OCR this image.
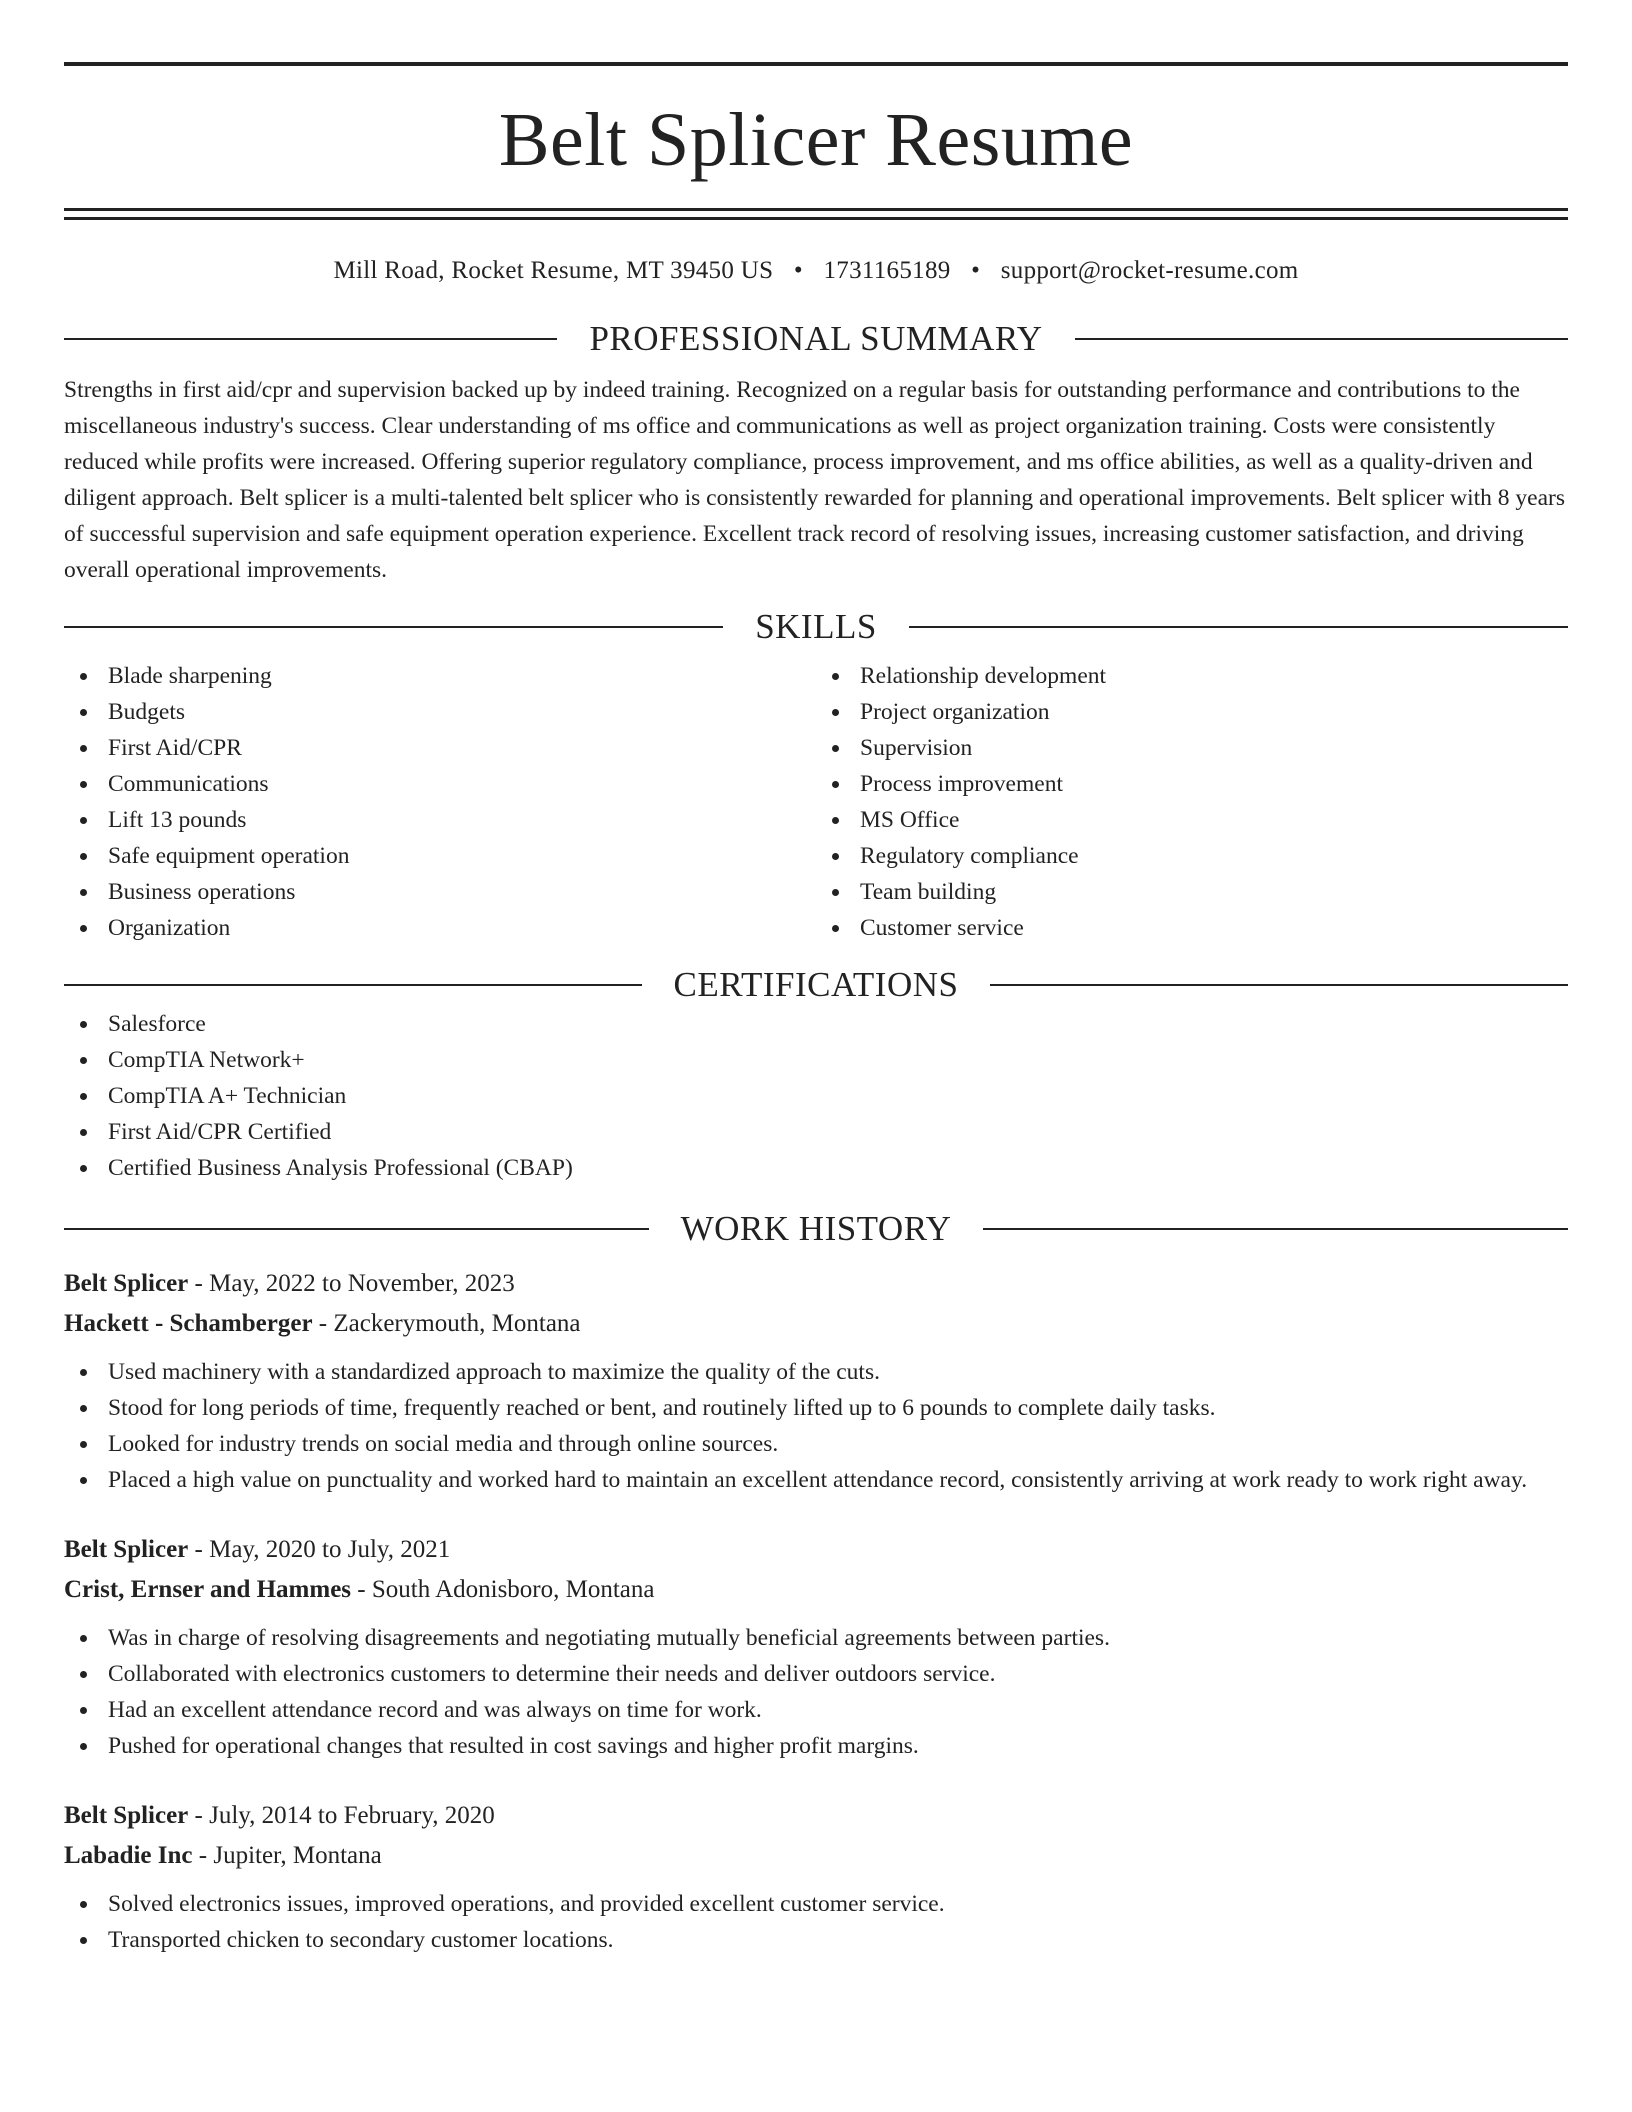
Belt Splicer Resume
Mill Road, Rocket Resume, MT 39450 US • 1731165189 • support@rocket-resume.com
PROFESSIONAL SUMMARY
Strengths in first aid/cpr and supervision backed up by indeed training. Recognized on a regular basis for outstanding performance and contributions to the miscellaneous industry's success. Clear understanding of ms office and communications as well as project organization training. Costs were consistently reduced while profits were increased. Offering superior regulatory compliance, process improvement, and ms office abilities, as well as a quality-driven and diligent approach. Belt splicer is a multi-talented belt splicer who is consistently rewarded for planning and operational improvements. Belt splicer with 8 years of successful supervision and safe equipment operation experience. Excellent track record of resolving issues, increasing customer satisfaction, and driving overall operational improvements.
SKILLS
Blade sharpening
Budgets
First Aid/CPR
Communications
Lift 13 pounds
Safe equipment operation
Business operations
Organization
Relationship development
Project organization
Supervision
Process improvement
MS Office
Regulatory compliance
Team building
Customer service
CERTIFICATIONS
Salesforce
CompTIA Network+
CompTIA A+ Technician
First Aid/CPR Certified
Certified Business Analysis Professional (CBAP)
WORK HISTORY
Belt Splicer - May, 2022 to November, 2023
Hackett - Schamberger - Zackerymouth, Montana
Used machinery with a standardized approach to maximize the quality of the cuts.
Stood for long periods of time, frequently reached or bent, and routinely lifted up to 6 pounds to complete daily tasks.
Looked for industry trends on social media and through online sources.
Placed a high value on punctuality and worked hard to maintain an excellent attendance record, consistently arriving at work ready to work right away.
Belt Splicer - May, 2020 to July, 2021
Crist, Ernser and Hammes - South Adonisboro, Montana
Was in charge of resolving disagreements and negotiating mutually beneficial agreements between parties.
Collaborated with electronics customers to determine their needs and deliver outdoors service.
Had an excellent attendance record and was always on time for work.
Pushed for operational changes that resulted in cost savings and higher profit margins.
Belt Splicer - July, 2014 to February, 2020
Labadie Inc - Jupiter, Montana
Solved electronics issues, improved operations, and provided excellent customer service.
Transported chicken to secondary customer locations.
